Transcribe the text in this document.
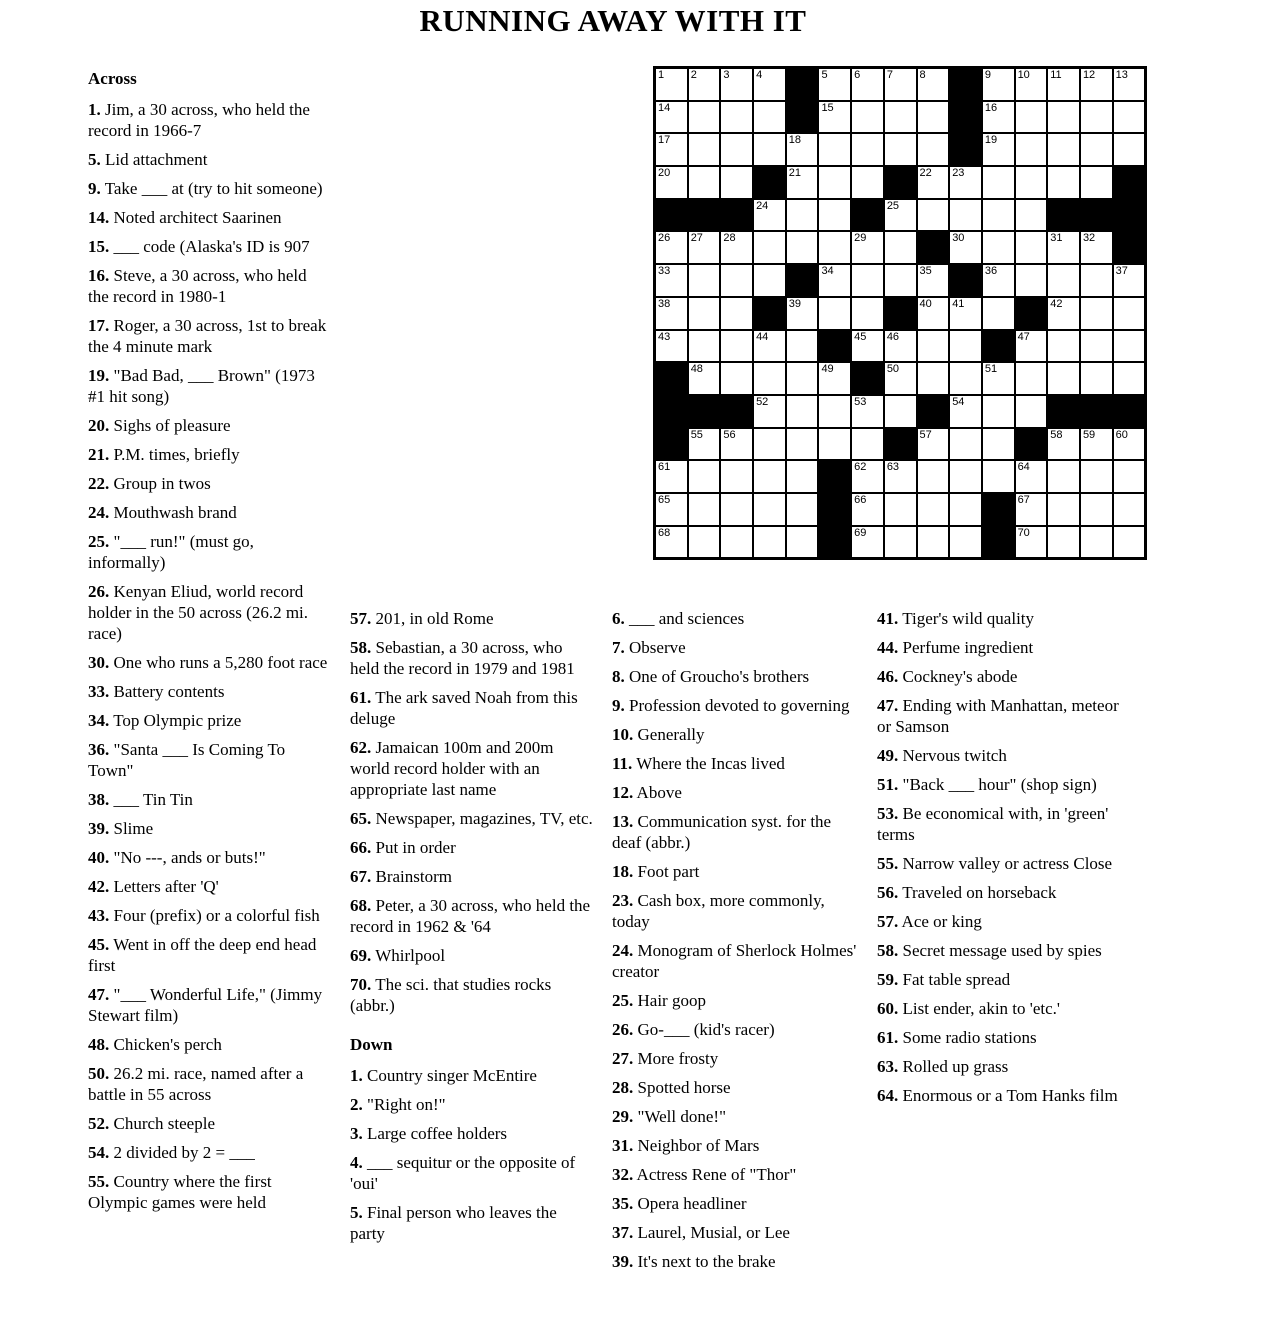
RUNNING AWAY WITH IT
1 2 3 4	5 6 7 8	9 10 11 12 13
14	15	16
17	18	19
20	21	22 23
24	25
26 27 28	29	30	31 32
33	34	35	36	37
38	39	40 41	42
43	44	45 46	47
48	49	50	51
52	53	54
55 56	57	58 59 60
61	62 63	64
65	66	67
68	69	70
Across
1. Jim, a 30 across, who held the record in 1966-7
5. Lid attachment
9. Take ___ at (try to hit someone)
14. Noted architect Saarinen
15. ___ code (Alaska's ID is 907
16. Steve, a 30 across, who held the record in 1980-1
17. Roger, a 30 across, 1st to break the 4 minute mark
19. "Bad Bad, ___ Brown" (1973 #1 hit song)
20. Sighs of pleasure
21. P.M. times, briefly
22. Group in twos
24. Mouthwash brand
25. "___ run!" (must go, informally)
26. Kenyan Eliud, world record holder in the 50 across (26.2 mi. race)
30. One who runs a 5,280 foot race
33. Battery contents
34. Top Olympic prize
36. "Santa ___ Is Coming To Town"
38. ___ Tin Tin
39. Slime
40. "No ---, ands or buts!"
42. Letters after 'Q'
43. Four (prefix) or a colorful fish
45. Went in off the deep end head first
47. "___ Wonderful Life," (Jimmy Stewart film)
48. Chicken's perch
50. 26.2 mi. race, named after a battle in 55 across
52. Church steeple
54. 2 divided by 2 = ___
55. Country where the first Olympic games were held
57. 201, in old Rome
58. Sebastian, a 30 across, who held the record in 1979 and 1981
61. The ark saved Noah from this deluge
62. Jamaican 100m and 200m world record holder with an appropriate last name
65. Newspaper, magazines, TV, etc.
66. Put in order
67. Brainstorm
68. Peter, a 30 across, who held the record in 1962 & '64
69. Whirlpool
70. The sci. that studies rocks (abbr.)
Down
1. Country singer McEntire
2. "Right on!"
3. Large coffee holders
4. ___ sequitur or the opposite of 'oui'
5. Final person who leaves the party
6. ___ and sciences
7. Observe
8. One of Groucho's brothers
9. Profession devoted to governing
10. Generally
11. Where the Incas lived
12. Above
13. Communication syst. for the deaf (abbr.)
18. Foot part
23. Cash box, more commonly, today
24. Monogram of Sherlock Holmes' creator
25. Hair goop
26. Go-___ (kid's racer)
27. More frosty
28. Spotted horse
29. "Well done!"
31. Neighbor of Mars
32. Actress Rene of "Thor"
35. Opera headliner
37. Laurel, Musial, or Lee
39. It's next to the brake
41. Tiger's wild quality
44. Perfume ingredient
46. Cockney's abode
47. Ending with Manhattan, meteor or Samson
49. Nervous twitch
51. "Back ___ hour" (shop sign)
53. Be economical with, in 'green' terms
55. Narrow valley or actress Close
56. Traveled on horseback
57. Ace or king
58. Secret message used by spies
59. Fat table spread
60. List ender, akin to 'etc.'
61. Some radio stations
63. Rolled up grass
64. Enormous or a Tom Hanks film
